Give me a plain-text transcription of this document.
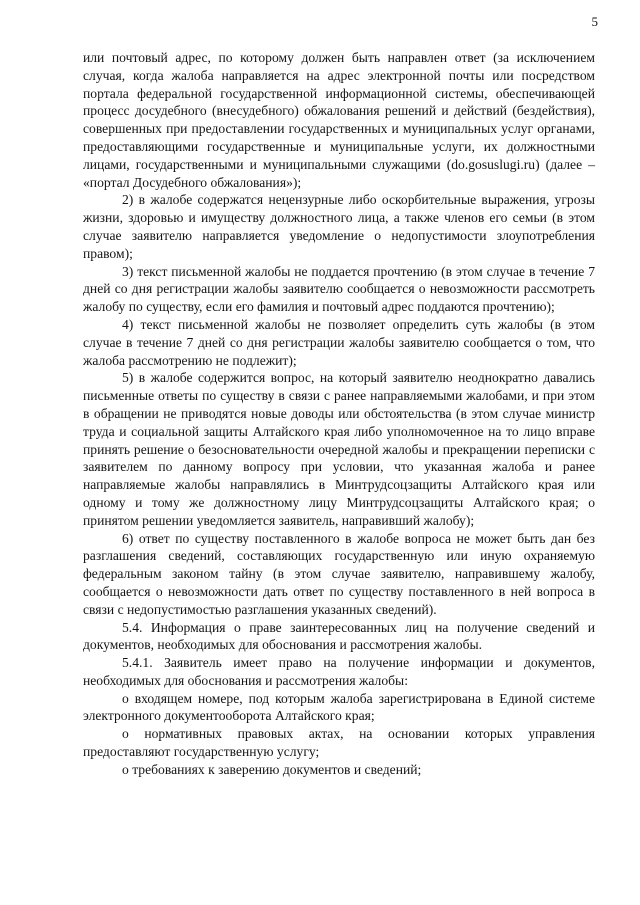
5

или почтовый адрес, по которому должен быть направлен ответ (за исключением случая, когда жалоба направляется на адрес электронной почты или посредством портала федеральной государственной информационной системы, обеспечивающей процесс досудебного (внесудебного) обжалования решений и действий (бездействия), совершенных при предоставлении государственных и муниципальных услуг органами, предоставляющими государственные и муниципальные услуги, их должностными лицами, государственными и муниципальными служащими (do.gosuslugi.ru) (далее – «портал Досудебного обжалования»);

2) в жалобе содержатся нецензурные либо оскорбительные выражения, угрозы жизни, здоровью и имуществу должностного лица, а также членов его семьи (в этом случае заявителю направляется уведомление о недопустимости злоупотребления правом);

3) текст письменной жалобы не поддается прочтению (в этом случае в течение 7 дней со дня регистрации жалобы заявителю сообщается о невозможности рассмотреть жалобу по существу, если его фамилия и почтовый адрес поддаются прочтению);

4) текст письменной жалобы не позволяет определить суть жалобы (в этом случае в течение 7 дней со дня регистрации жалобы заявителю сообщается о том, что жалоба рассмотрению не подлежит);

5) в жалобе содержится вопрос, на который заявителю неоднократно давались письменные ответы по существу в связи с ранее направляемыми жалобами, и при этом в обращении не приводятся новые доводы или обстоятельства (в этом случае министр труда и социальной защиты Алтайского края либо уполномоченное на то лицо вправе принять решение о безосновательности очередной жалобы и прекращении переписки с заявителем по данному вопросу при условии, что указанная жалоба и ранее направляемые жалобы направлялись в Минтрудсоцзащиты Алтайского края или одному и тому же должностному лицу Минтрудсоцзащиты Алтайского края; о принятом решении уведомляется заявитель, направивший жалобу);

6) ответ по существу поставленного в жалобе вопроса не может быть дан без разглашения сведений, составляющих государственную или иную охраняемую федеральным законом тайну (в этом случае заявителю, направившему жалобу, сообщается о невозможности дать ответ по существу поставленного в ней вопроса в связи с недопустимостью разглашения указанных сведений).

5.4. Информация о праве заинтересованных лиц на получение сведений и документов, необходимых для обоснования и рассмотрения жалобы.

5.4.1. Заявитель имеет право на получение информации и документов, необходимых для обоснования и рассмотрения жалобы:

о входящем номере, под которым жалоба зарегистрирована в Единой системе электронного документооборота Алтайского края;

о нормативных правовых актах, на основании которых управления предоставляют государственную услугу;

о требованиях к заверению документов и сведений;
